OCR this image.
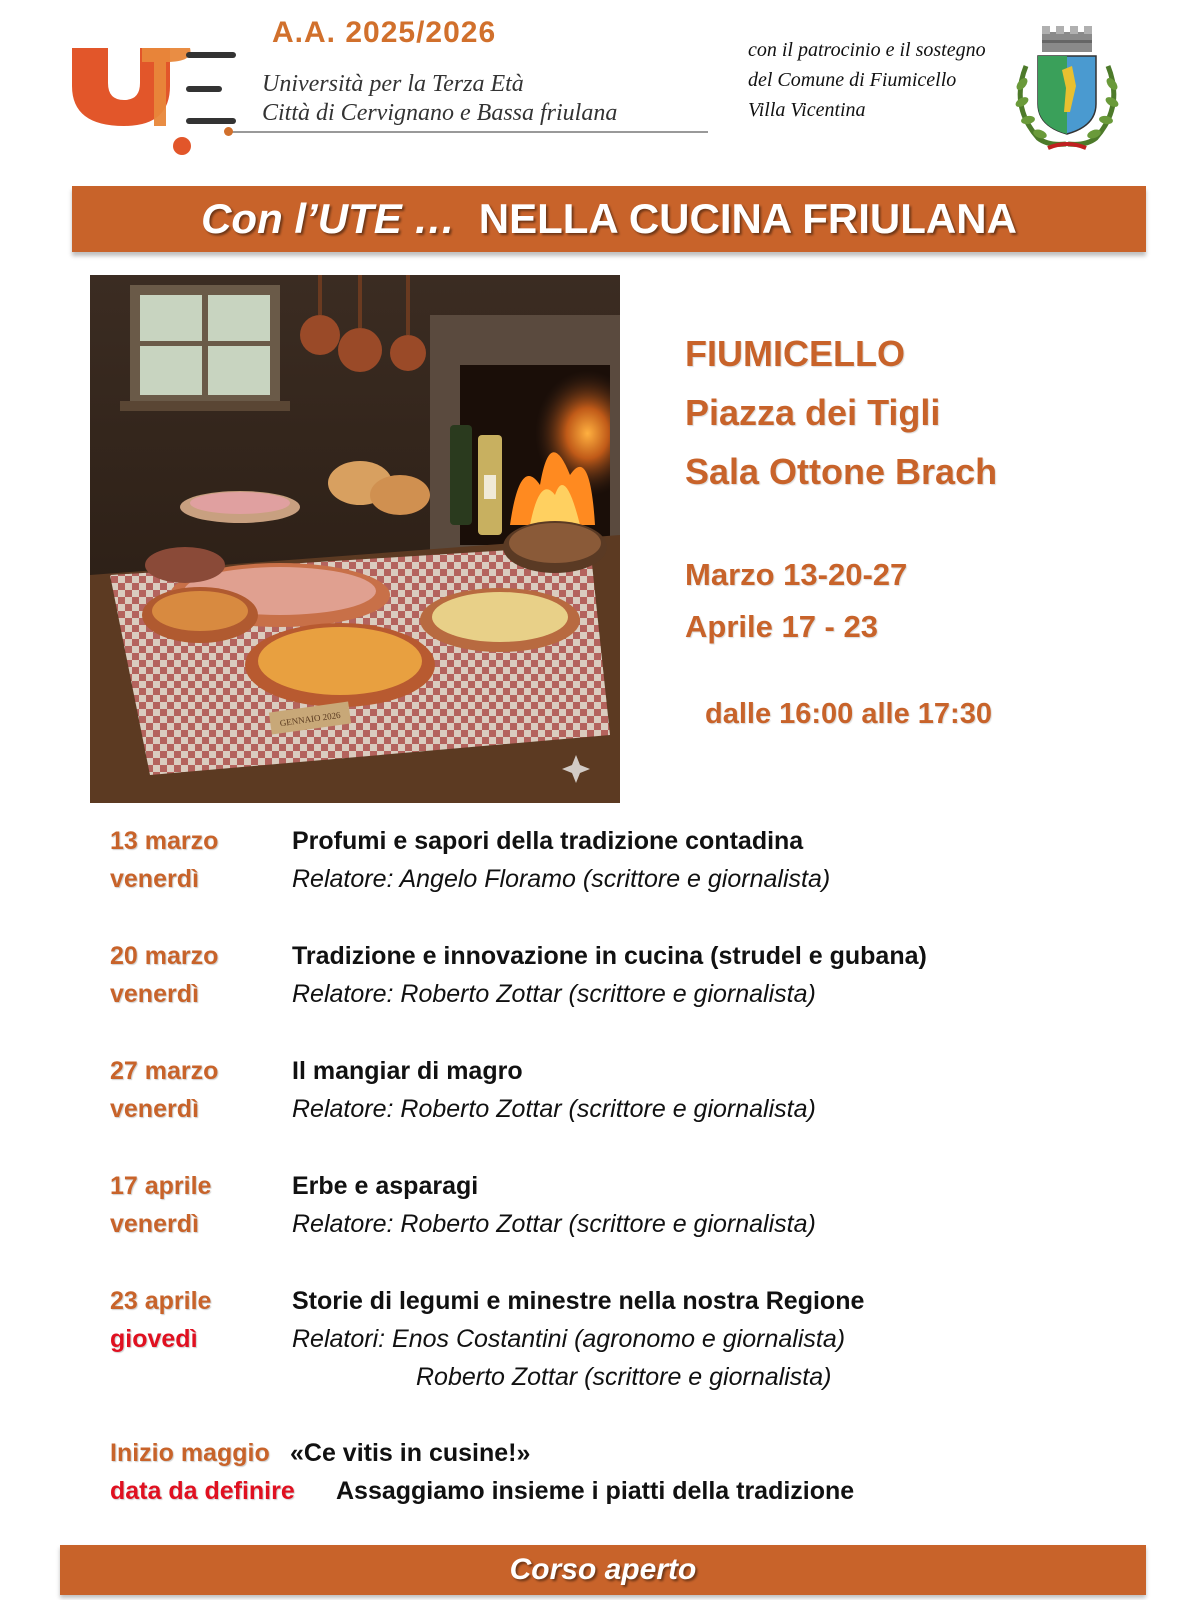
A.A. 2025/2026
Università per la Terza Età
Città di Cervignano e Bassa friulana
con il patrocinio e il sostegno del Comune di Fiumicello Villa Vicentina
Con l’UTE … NELLA CUCINA FRIULANA
GENNAIO 2026
FIUMICELLO
Piazza dei Tigli
Sala Ottone Brach
Marzo 13-20-27
Aprile 17 - 23
dalle 16:00 alle 17:30
13 marzo
venerdì
Profumi e sapori della tradizione contadina
Relatore: Angelo Floramo (scrittore e giornalista)
20 marzo
venerdì
Tradizione e innovazione in cucina (strudel e gubana)
Relatore: Roberto Zottar (scrittore e giornalista)
27 marzo
venerdì
Il mangiar di magro
Relatore: Roberto Zottar (scrittore e giornalista)
17 aprile
venerdì
Erbe e asparagi
Relatore: Roberto Zottar (scrittore e giornalista)
23 aprile
giovedì
Storie di legumi e minestre nella nostra Regione
Relatori: Enos Costantini (agronomo e giornalista)
Roberto Zottar (scrittore e giornalista)
Inizio maggio «Ce vitis in cusine!»
data da definire Assaggiamo insieme i piatti della tradizione
Corso aperto
